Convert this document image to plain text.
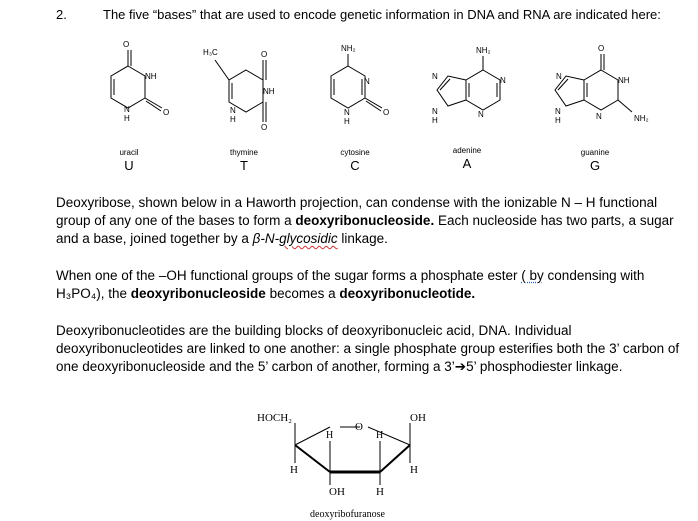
2.	The five “bases” that are used to encode genetic information in DNA and RNA are indicated here:
O
NH
N
H
O
H₃C	O
NH
N
H
O
NH₂
N
N
H
O
NH₂
N
N
N
N
H
O
NH
N	NH₂
N
N
H
uracil
U
thymine
T
cytosine
C
adenine
A
guanine
G
Deoxyribose, shown below in a Haworth projection, can condense with the ionizable N – H functional group of any one of the bases to form a deoxyribonucleoside. Each nucleoside has two parts, a sugar and a base, joined together by a β-N-glycosidic linkage.
When one of the –OH functional groups of the sugar forms a phosphate ester ( by condensing with H₃PO₄), the deoxyribonucleoside becomes a deoxyribonucleotide.
Deoxyribonucleotides are the building blocks of deoxyribonucleic acid, DNA. Individual deoxyribonucleotides are linked to one another: a single phosphate group esterifies both the 3’ carbon of one deoxyribonucleoside and the 5’ carbon of another, forming a 3’➔5’ phosphodiester linkage.
HOCH₂	OH
O
H	H
H	H
OH	H
deoxyribofuranose
